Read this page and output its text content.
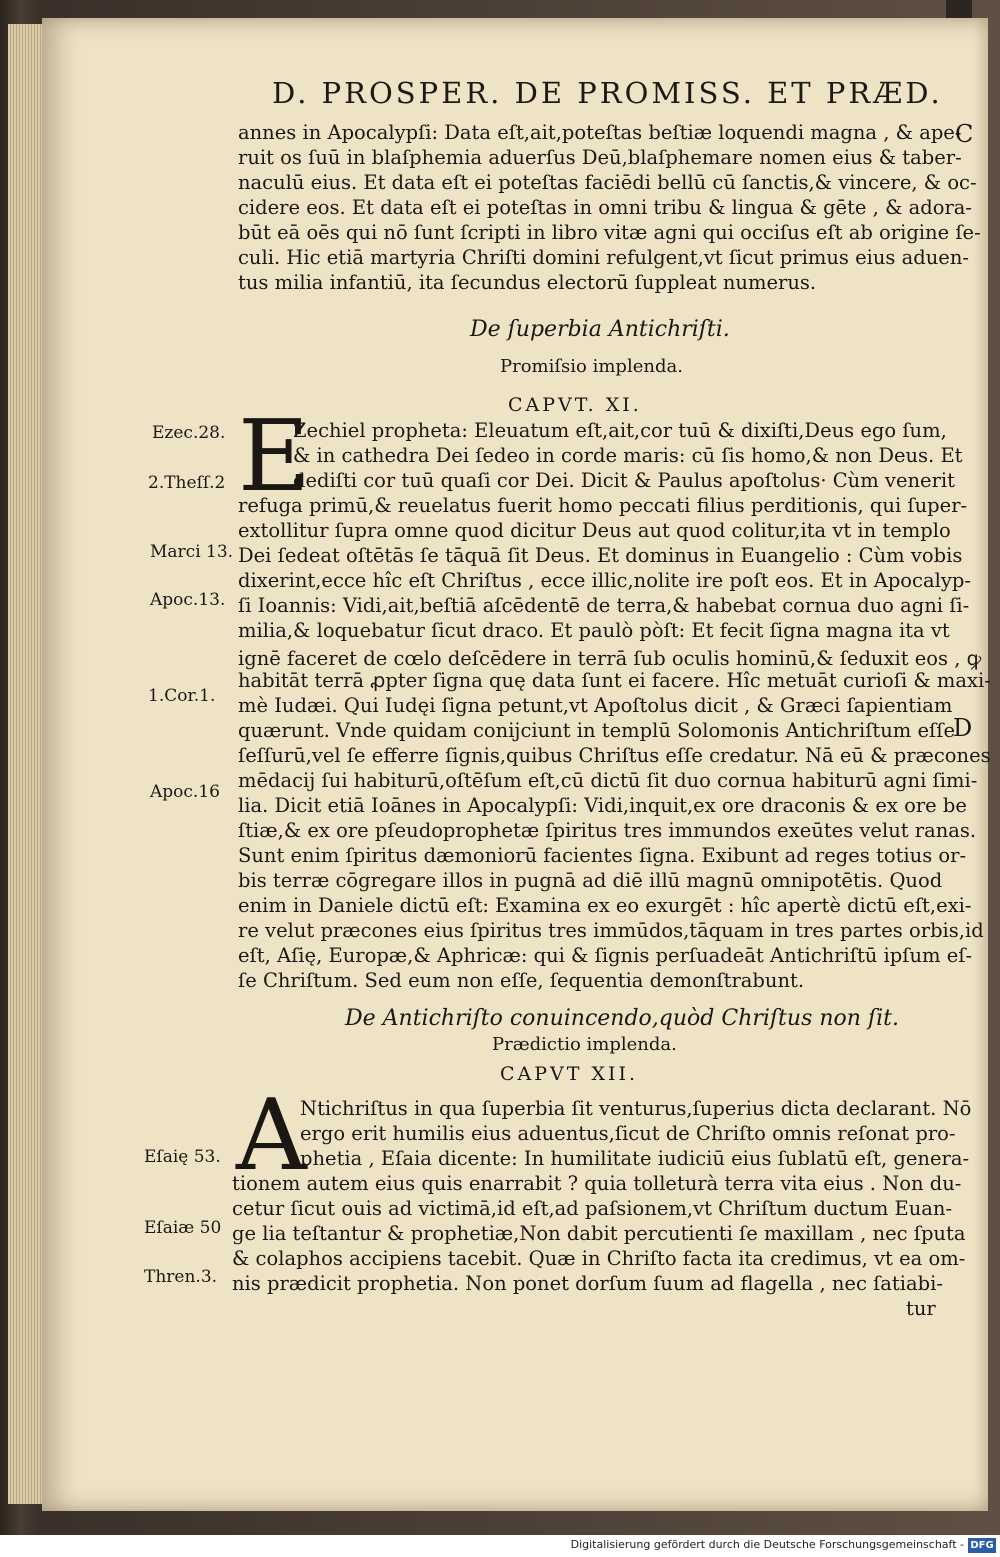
D. PROSPER. DE PROMISS. ET PRÆD.
C
D
annes in Apocalypſi: Data eſt,ait,poteſtas beſtiæ loquendi magna , & ape-
ruit os ſuū in blaſphemia aduerſus Deū,blaſphemare nomen eius & taber-
naculū eius. Et data eſt ei poteſtas faciēdi bellū cū ſanctis,& vincere, & oc-
cidere eos. Et data eſt ei poteſtas in omni tribu & lingua & gēte , & adora-
būt eā oēs qui nō ſunt ſcripti in libro vitæ agni qui occiſus eſt ab origine ſe-
culi. Hic etiā martyria Chriſti domini refulgent,vt ſicut primus eius aduen-
tus milia infantiū, ita ſecundus electorū ſuppleat numerus.
De ſuperbia Antichriſti.
Promiſsio implenda.
CAPVT. XI.
E
Zechiel propheta: Eleuatum eſt,ait,cor tuū & dixiſti,Deus ego ſum,
& in cathedra Dei ſedeo in corde maris: cū ſis homo,& non Deus. Et
dediſti cor tuū quaſi cor Dei. Dicit & Paulus apoſtolus· Cùm venerit
refuga primū,& reuelatus fuerit homo peccati filius perditionis, qui ſuper-
extollitur ſupra omne quod dicitur Deus aut quod colitur,ita vt in templo
Dei ſedeat oſtētās ſe tāquā ſit Deus. Et dominus in Euangelio : Cùm vobis
dixerint,ecce hîc eſt Chriſtus , ecce illic,nolite ire poſt eos. Et in Apocalyp-
ſi Ioannis: Vidi,ait,beſtiā aſcēdentē de terra,& habebat cornua duo agni ſi-
milia,& loquebatur ſicut draco. Et paulò pòſt: Et fecit ſigna magna ita vt
ignē faceret de cœlo deſcēdere in terrā ſub oculis hominū,& ſeduxit eos , ꝙ
habitāt terrā ꝓpter ſigna quę data ſunt ei facere. Hîc metuāt curioſi & maxi-
mè Iudæi. Qui Iudęi ſigna petunt,vt Apoſtolus dicit , & Græci ſapientiam
quærunt. Vnde quidam conijciunt in templū Solomonis Antichriſtum eſſe
ſeſſurū,vel ſe efferre ſignis,quibus Chriſtus eſſe credatur. Nā eū & præcones
mēdacij ſui habiturū,oſtēſum eſt,cū dictū ſit duo cornua habiturū agni ſimi-
lia. Dicit etiā Ioānes in Apocalypſi: Vidi,inquit,ex ore draconis & ex ore be
ſtiæ,& ex ore pſeudoprophetæ ſpiritus tres immundos exeūtes velut ranas.
Sunt enim ſpiritus dæmoniorū facientes ſigna. Exibunt ad reges totius or-
bis terræ cōgregare illos in pugnā ad diē illū magnū omnipotētis. Quod
enim in Daniele dictū eſt: Examina ex eo exurgēt : hîc apertè dictū eſt,exi-
re velut præcones eius ſpiritus tres immūdos,tāquam in tres partes orbis,id
eſt, Aſię, Europæ,& Aphricæ: qui & ſignis perſuadeāt Antichriſtū ipſum eſ-
ſe Chriſtum. Sed eum non eſſe, ſequentia demonſtrabunt.
De Antichriſto conuincendo,quòd Chriſtus non ſit.
Prædictio implenda.
CAPVT XII.
A
Ntichriſtus in qua ſuperbia ſit venturus,ſuperius dicta declarant. Nō
ergo erit humilis eius aduentus,ſicut de Chriſto omnis reſonat pro-
phetia , Eſaia dicente: In humilitate iudiciū eius ſublatū eſt, genera-
tionem autem eius quis enarrabit ? quia tolleturà terra vita eius . Non du-
cetur ſicut ouis ad victimā,id eſt,ad paſsionem,vt Chriſtum ductum Euan-
ge lia teſtantur & prophetiæ,Non dabit percutienti ſe maxillam , nec ſputa
& colaphos accipiens tacebit. Quæ in Chriſto facta ita credimus, vt ea om-
nis prædicit prophetia. Non ponet dorſum ſuum ad flagella , nec ſatiabi-
tur
Ezec.28.
2.Theſſ.2
Marci 13.
Apoc.13.
1.Cor.1.
Apoc.16
Eſaię 53.
Eſaiæ 50
Thren.3.
Digitalisierung gefördert durch die Deutsche Forschungsgemeinschaft - DFG
